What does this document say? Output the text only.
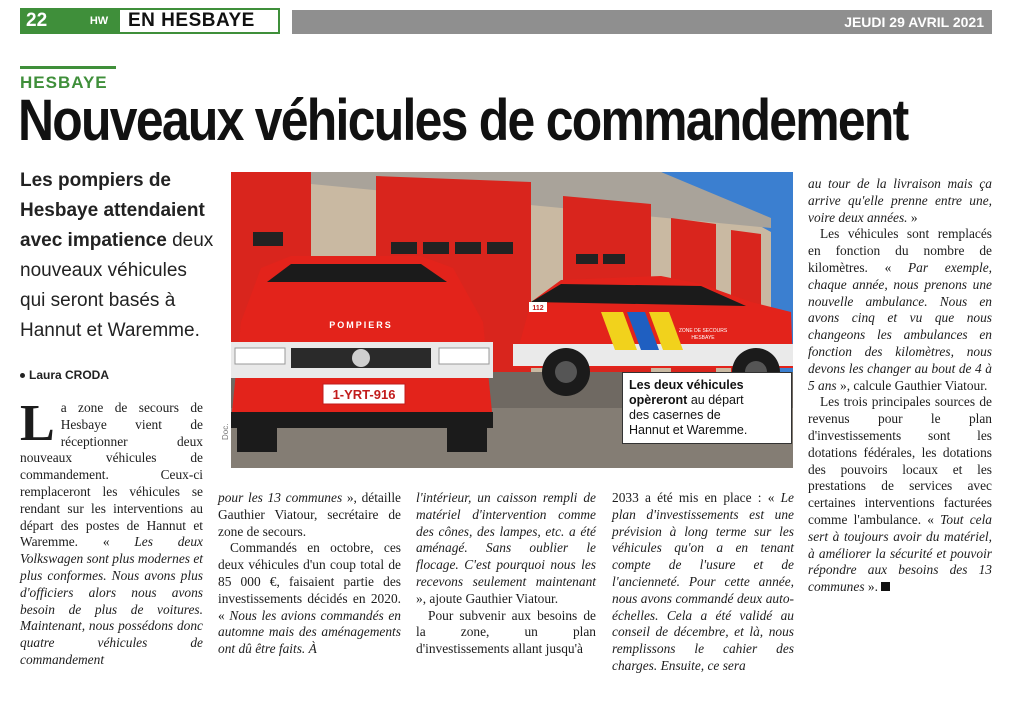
22	HW EN HESBAYE	JEUDI 29 AVRIL 2021
HESBAYE
Nouveaux véhicules de commandement
Les pompiers de
Hesbaye attendaient
avec impatience deux
nouveaux véhicules
qui seront basés à
Hannut et Waremme.
Laura CRODA
1-YRT-916
POMPIERS
ZONE DE SECOURS
HESBAYE
112
Doc.
Les deux véhicules
opèreront au départ
des casernes de
Hannut et Waremme.

La zone de secours de Hesbaye vient de réceptionner deux nouveaux véhicules de commandement. Ceux-ci remplaceront les véhicules se rendant sur les interventions au départ des postes de Hannut et Waremme. « Les deux Volkswagen sont plus modernes et plus conformes. Nous avons plus d'officiers alors nous avons besoin de plus de voitures. Maintenant, nous possédons donc quatre véhicules de commandement

pour les 13 communes », détaille Gauthier Viatour, secrétaire de zone de secours.

Commandés en octobre, ces deux véhicules d'un coup total de 85 000 €, faisaient partie des investissements décidés en 2020. « Nous les avions commandés en automne mais des aménagements ont dû être faits. À

l'intérieur, un caisson rempli de matériel d'intervention comme des cônes, des lampes, etc. a été aménagé. Sans oublier le flocage. C'est pourquoi nous les recevons seulement maintenant », ajoute Gauthier Viatour.

Pour subvenir aux besoins de la zone, un plan d'investissements allant jusqu'à

2033 a été mis en place : « Le plan d'investissements est une prévision à long terme sur les véhicules qu'on a en tenant compte de l'usure et de l'ancienneté. Pour cette année, nous avons commandé deux auto-échelles. Cela a été validé au conseil de décembre, et là, nous remplissons le cahier des charges. Ensuite, ce sera

au tour de la livraison mais ça arrive qu'elle prenne entre une, voire deux années. »

Les véhicules sont remplacés en fonction du nombre de kilomètres. « Par exemple, chaque année, nous prenons une nouvelle ambulance. Nous en avons cinq et vu que nous changeons les ambulances en fonction des kilomètres, nous devons les changer au bout de 4 à 5 ans », calcule Gauthier Viatour.

Les trois principales sources de revenus pour le plan d'investissements sont les dotations fédérales, les dotations des pouvoirs locaux et les prestations de services avec certaines interventions facturées comme l'ambulance. « Tout cela sert à toujours avoir du matériel, à améliorer la sécurité et pouvoir répondre aux besoins des 13 communes ».
